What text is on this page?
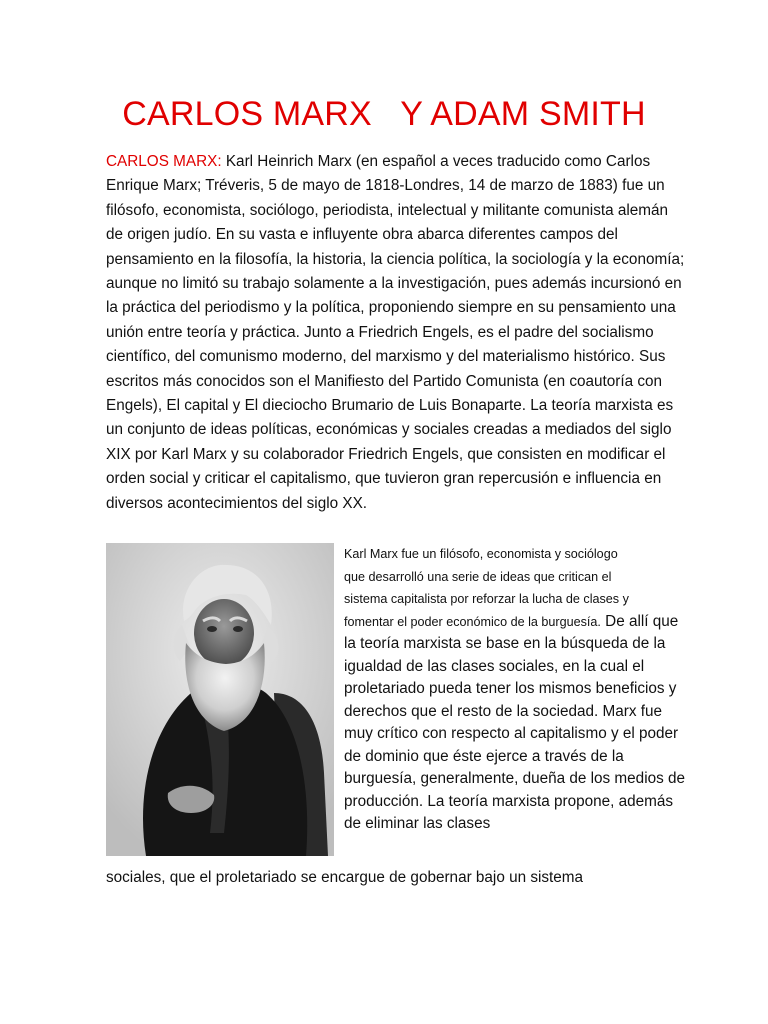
CARLOS MARX   Y ADAM SMITH
CARLOS MARX: Karl Heinrich Marx (en español a veces traducido como Carlos Enrique Marx; Tréveris, 5 de mayo de 1818-Londres, 14 de marzo de 1883) fue un filósofo, economista, sociólogo, periodista, intelectual y militante comunista alemán de origen judío. En su vasta e influyente obra abarca diferentes campos del pensamiento en la filosofía, la historia, la ciencia política, la sociología y la economía; aunque no limitó su trabajo solamente a la investigación, pues además incursionó en la práctica del periodismo y la política, proponiendo siempre en su pensamiento una unión entre teoría y práctica. Junto a Friedrich Engels, es el padre del socialismo científico, del comunismo moderno, del marxismo y del materialismo histórico. Sus escritos más conocidos son el Manifiesto del Partido Comunista (en coautoría con Engels), El capital y El dieciocho Brumario de Luis Bonaparte. La teoría marxista es un conjunto de ideas políticas, económicas y sociales creadas a mediados del siglo XIX por Karl Marx y su colaborador Friedrich Engels, que consisten en modificar el orden social y criticar el capitalismo, que tuvieron gran repercusión e influencia en diversos acontecimientos del siglo XX.
Karl Marx fue un filósofo, economista y sociólogo
que desarrolló una serie de ideas que critican el
sistema capitalista por reforzar la lucha de clases y
fomentar el poder económico de la burguesía. De allí que la teoría marxista se base en la búsqueda de la igualdad de las clases sociales, en la cual el proletariado pueda tener los mismos beneficios y derechos que el resto de la sociedad. Marx fue muy crítico con respecto al capitalismo y el poder de dominio que éste ejerce a través de la burguesía, generalmente, dueña de los medios de producción. La teoría marxista propone, además de eliminar las clases
sociales, que el proletariado se encargue de gobernar bajo un sistema
